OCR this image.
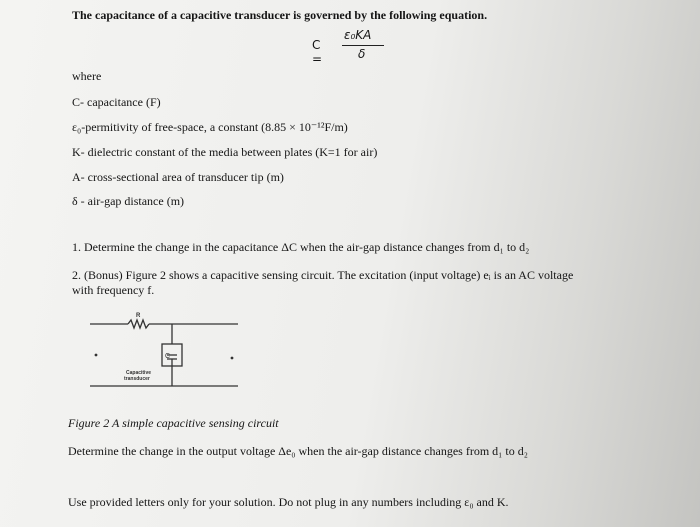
The capacitance of a capacitive transducer is governed by the following equation.
C =
ε₀KA
δ
where
C- capacitance (F)
ε₀-permitivity of free-space, a constant (8.85 × 10⁻¹²F/m)
K- dielectric constant of the media between plates (K=1 for air)
A- cross-sectional area of transducer tip (m)
δ - air-gap distance (m)
1. Determine the change in the capacitance ΔC when the air-gap distance changes from d₁ to d₂
2. (Bonus) Figure 2 shows a capacitive sensing circuit. The excitation (input voltage) eᵢ is an AC voltage
with frequency f.
R
C
Capacitive
transducer
Figure 2 A simple capacitive sensing circuit
Determine the change in the output voltage Δe₀ when the air-gap distance changes from d₁ to d₂
Use provided letters only for your solution. Do not plug in any numbers including ε₀ and K.
